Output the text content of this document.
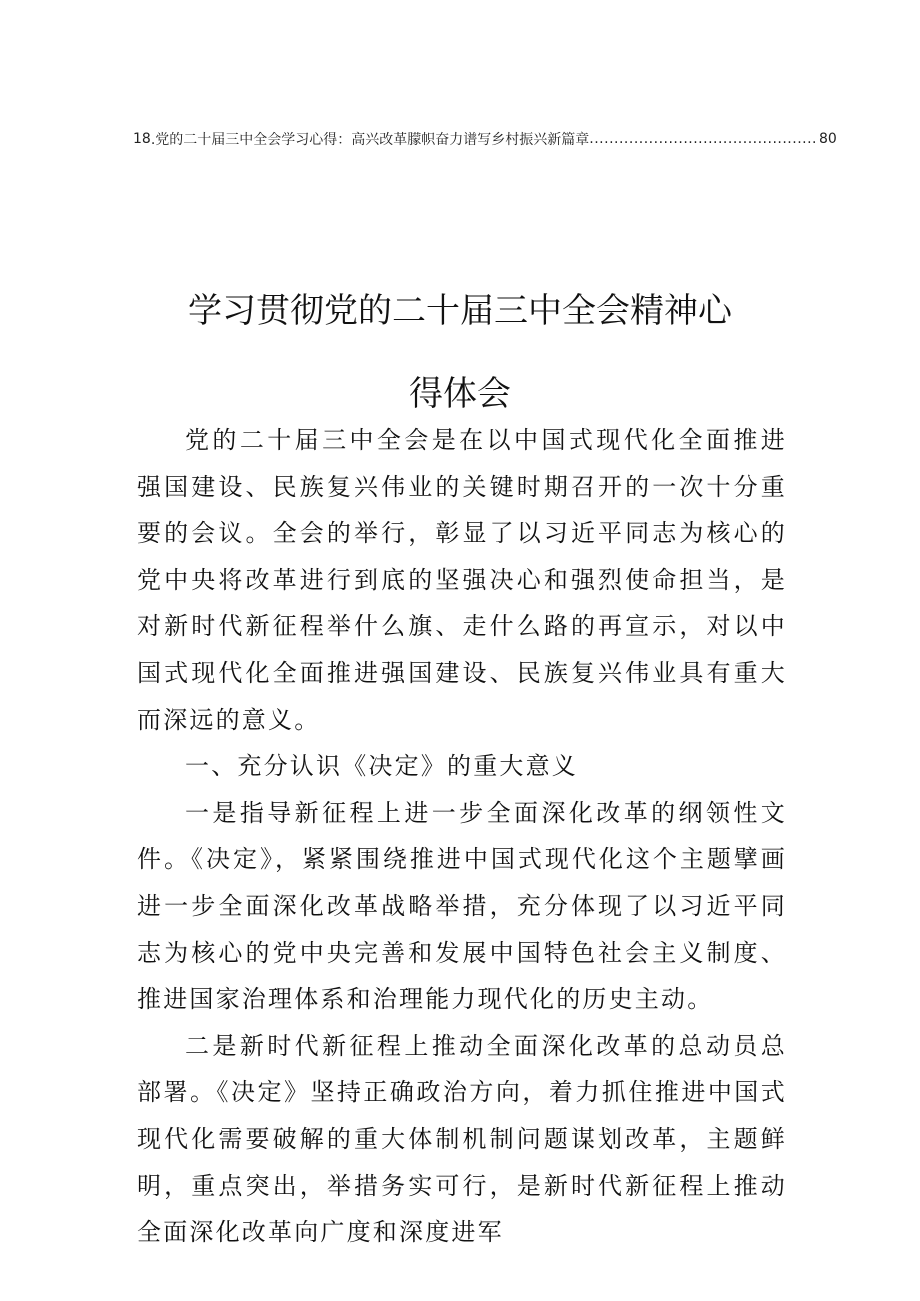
18 .党的二十届三中全会学习心得：高兴改革朦帜奋力谱写乡村振兴新篇章 .............................................. 80
学习贯彻党的二十届三中全会精神心
得体会

党的二十届三中全会是在以中国式现代化全面推进强国建设、民族复兴伟业的关键时期召开的一次十分重要的会议。全会的举行，彰显了以习近平同志为核心的党中央将改革进行到底的坚强决心和强烈使命担当，是对新时代新征程举什么旗、走什么路的再宣示，对以中国式现代化全面推进强国建设、民族复兴伟业具有重大而深远的意义。

一、充分认识《决定》的重大意义

一是指导新征程上进一步全面深化改革的纲领性文件。《决定》，紧紧围绕推进中国式现代化这个主题擘画进一步全面深化改革战略举措，充分体现了以习近平同志为核心的党中央完善和发展中国特色社会主义制度、推进国家治理体系和治理能力现代化的历史主动。

二是新时代新征程上推动全面深化改革的总动员总部署。《决定》坚持正确政治方向，着力抓住推进中国式现代化需要破解的重大体制机制问题谋划改革，主题鲜明，重点突出，举措务实可行，是新时代新征程上推动全面深化改革向广度和深度进军
